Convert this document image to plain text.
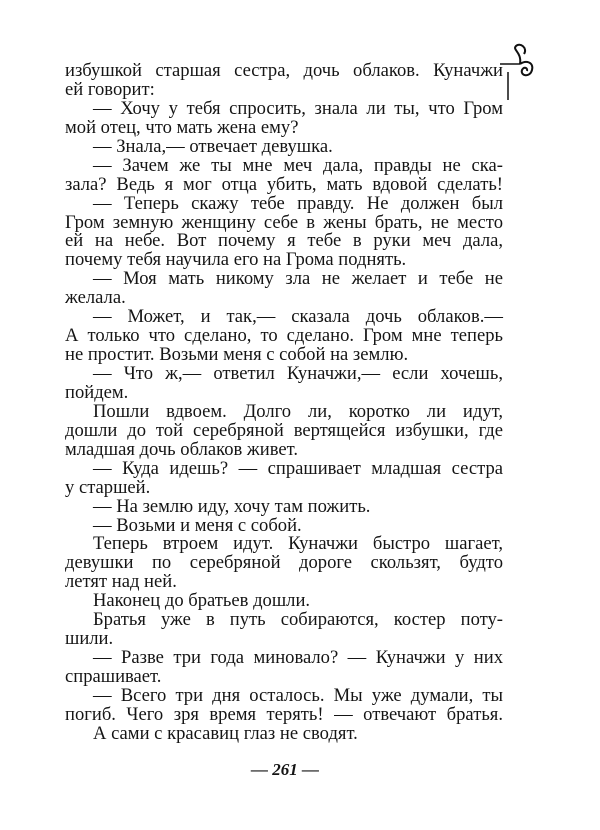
избушкой старшая сестра, дочь облаков. Куначжи
ей говорит:
— Хочу у тебя спросить, знала ли ты, что Гром
мой отец, что мать жена ему?
— Знала,— отвечает девушка.
— Зачем же ты мне меч дала, правды не ска-
зала? Ведь я мог отца убить, мать вдовой сделать!
— Теперь скажу тебе правду. Не должен был
Гром земную женщину себе в жены брать, не место
ей на небе. Вот почему я тебе в руки меч дала,
почему тебя научила его на Грома поднять.
— Моя мать никому зла не желает и тебе не
желала.
— Может, и так,— сказала дочь облаков.—
А только что сделано, то сделано. Гром мне теперь
не простит. Возьми меня с собой на землю.
— Что ж,— ответил Куначжи,— если хочешь,
пойдем.
Пошли вдвоем. Долго ли, коротко ли идут,
дошли до той серебряной вертящейся избушки, где
младшая дочь облаков живет.
— Куда идешь? — спрашивает младшая сестра
у старшей.
— На землю иду, хочу там пожить.
— Возьми и меня с собой.
Теперь втроем идут. Куначжи быстро шагает,
девушки по серебряной дороге скользят, будто
летят над ней.
Наконец до братьев дошли.
Братья уже в путь собираются, костер поту-
шили.
— Разве три года миновало? — Куначжи у них
спрашивает.
— Всего три дня осталось. Мы уже думали, ты
погиб. Чего зря время терять! — отвечают братья.
А сами с красавиц глаз не сводят.
— 261 —
